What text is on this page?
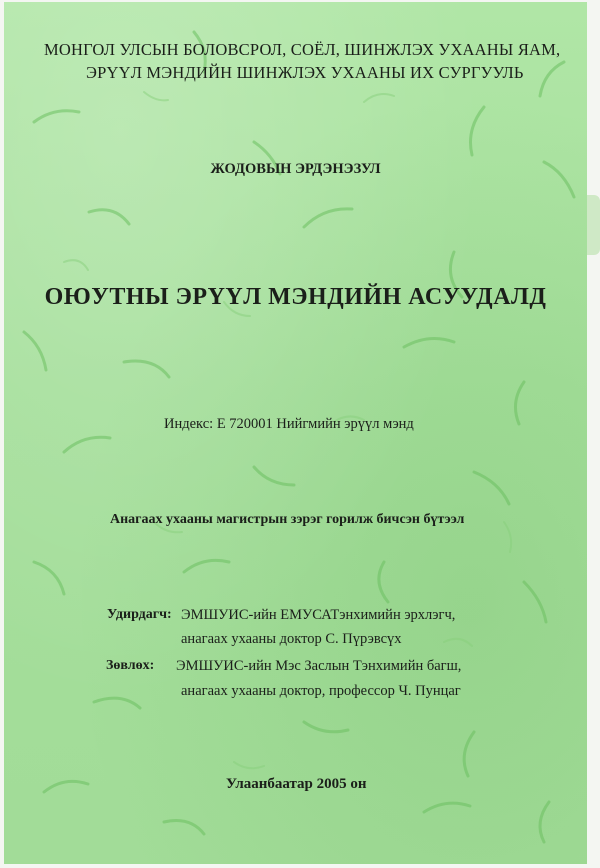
МОНГОЛ УЛСЫН БОЛОВСРОЛ, СОЁЛ, ШИНЖЛЭХ УХААНЫ ЯАМ,
ЭРҮҮЛ МЭНДИЙН ШИНЖЛЭХ УХААНЫ ИХ СУРГУУЛЬ
ЖОДОВЫН ЭРДЭНЭЗУЛ
ОЮУТНЫ ЭРҮҮЛ МЭНДИЙН АСУУДАЛД
Индекс: Е 720001 Нийгмийн эрүүл мэнд
Анагаах ухааны магистрын зэрэг горилж бичсэн бүтээл
Удирдагч: ЭМШУИС-ийн ЕМУСАТэнхимийн эрхлэгч,
анагаах ухааны доктор С. Пүрэвсүх
Зөвлөх: ЭМШУИС-ийн Мэс Заслын Тэнхимийн багш,
анагаах ухааны доктор, профессор Ч. Пунцаг
Улаанбаатар 2005 он
